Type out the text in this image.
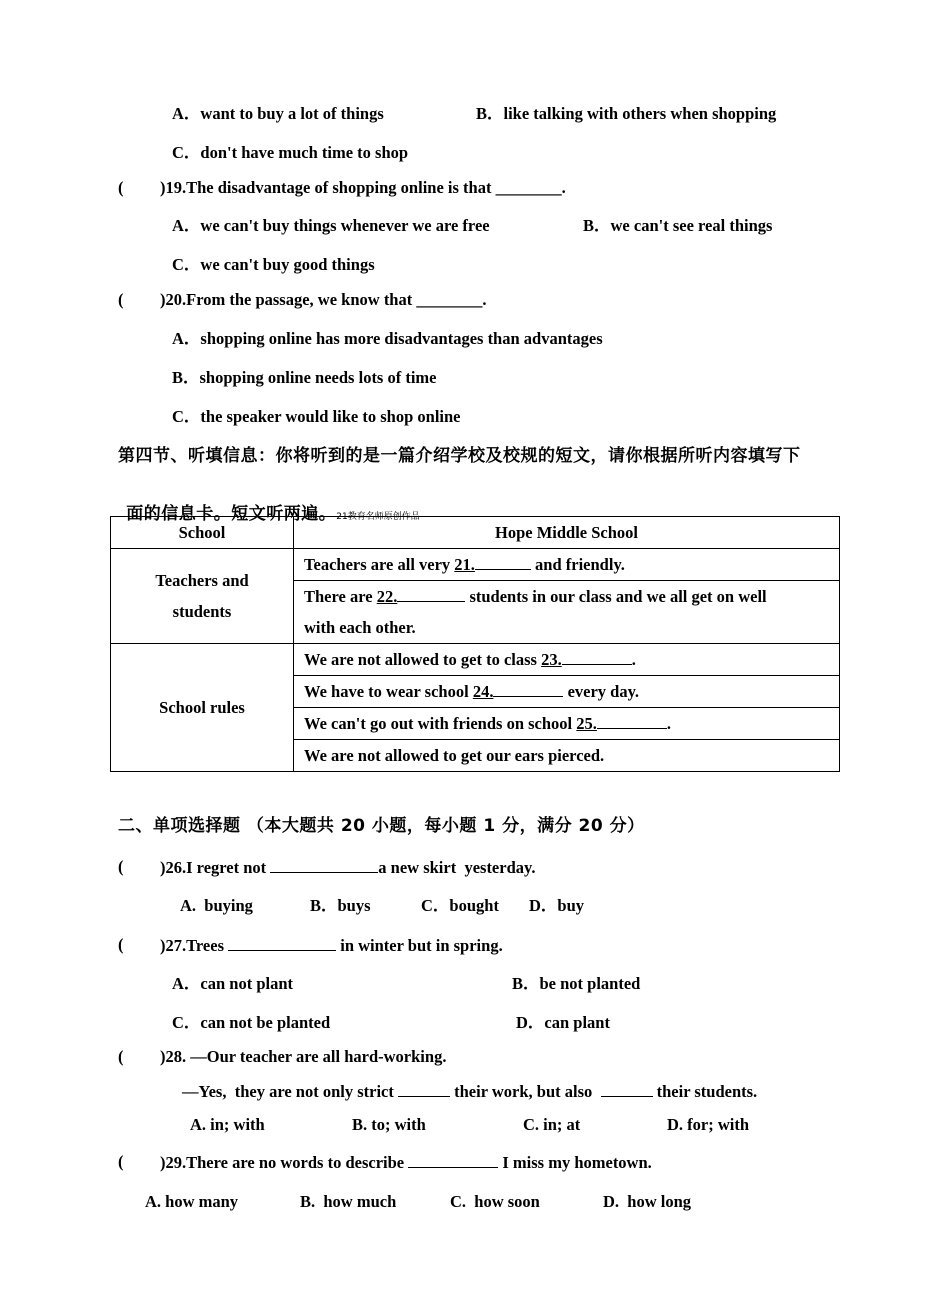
A．want to buy a lot of things	B．like talking with others when shopping
C．don't have much time to shop
( )19.The disadvantage of shopping online is that ________.
A．we can't buy things whenever we are free	B．we can't see real things
C．we can't buy good things
( )20.From the passage, we know that ________.
A．shopping online has more disadvantages than advantages
B．shopping online needs lots of time
C．the speaker would like to shop online
第四节、听填信息：你将听到的是一篇介绍学校及校规的短文，请你根据所听内容填写下

面的信息卡。短文听两遍。21教育名师原创作品

School	Hope Middle School
Teachers and
students	Teachers are all very 21. and friendly.
	There are 22. students in our class and we all get on well
with each other.
School rules	We are not allowed to get to class 23. .
	We have to wear school 24. every day.
	We can't go out with friends on school 25. .
	We are not allowed to get our ears pierced.
二、单项选择题 （本大题共 20 小题，每小题 1 分，满分 20 分）
( )26.I regret not	a new skirt  yesterday.
A.  buying	B．buys	C．bought D．buy
( )27.Trees	in winter but in spring.
A．can not plant	B．be not planted
C．can not be planted	D．can plant
( )28. —Our teacher are all hard-working.
—Yes,  they are not only strict	their work, but also	their students.
A. in; with	B. to; with	C. in; at	D. for; with
( )29.There are no words to describe	I miss my hometown.
A. how many	B.  how much	C.  how soon	D.  how long
